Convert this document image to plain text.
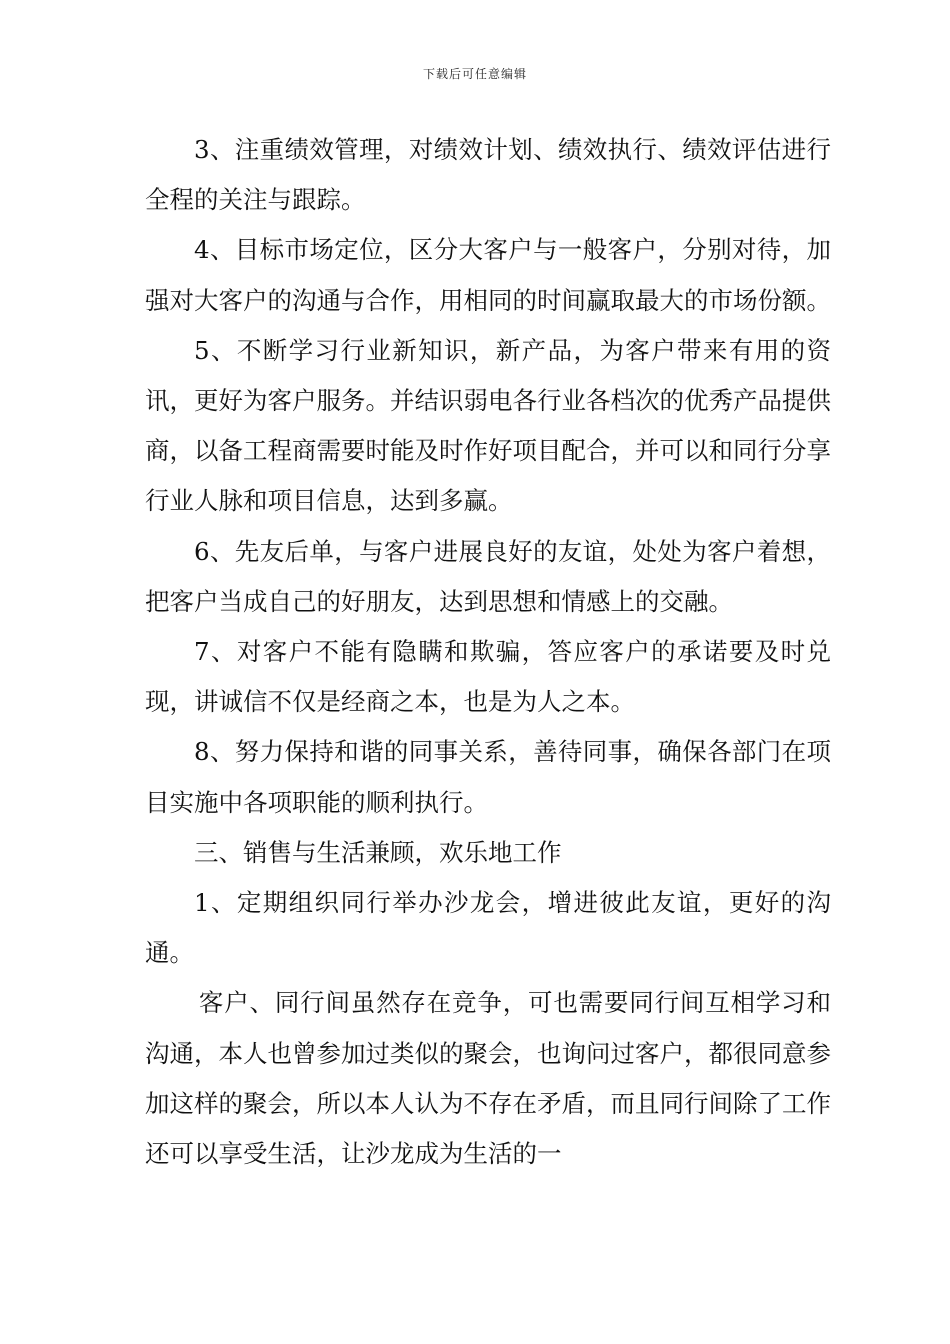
下载后可任意编辑

3、注重绩效管理，对绩效计划、绩效执行、绩效评估进行全程的关注与跟踪。

4、目标市场定位，区分大客户与一般客户，分别对待，加强对大客户的沟通与合作，用相同的时间赢取最大的市场份额。

5、不断学习行业新知识，新产品，为客户带来有用的资讯，更好为客户服务。并结识弱电各行业各档次的优秀产品提供商，以备工程商需要时能及时作好项目配合，并可以和同行分享行业人脉和项目信息，达到多赢。

6、先友后单，与客户进展良好的友谊，处处为客户着想，把客户当成自己的好朋友，达到思想和情感上的交融。

7、对客户不能有隐瞒和欺骗，答应客户的承诺要及时兑现，讲诚信不仅是经商之本，也是为人之本。

8、努力保持和谐的同事关系，善待同事，确保各部门在项目实施中各项职能的顺利执行。

三、销售与生活兼顾，欢乐地工作

1、定期组织同行举办沙龙会，增进彼此友谊，更好的沟通。

客户、同行间虽然存在竞争，可也需要同行间互相学习和沟通，本人也曾参加过类似的聚会，也询问过客户，都很同意参加这样的聚会，所以本人认为不存在矛盾，而且同行间除了工作还可以享受生活，让沙龙成为生活的一
